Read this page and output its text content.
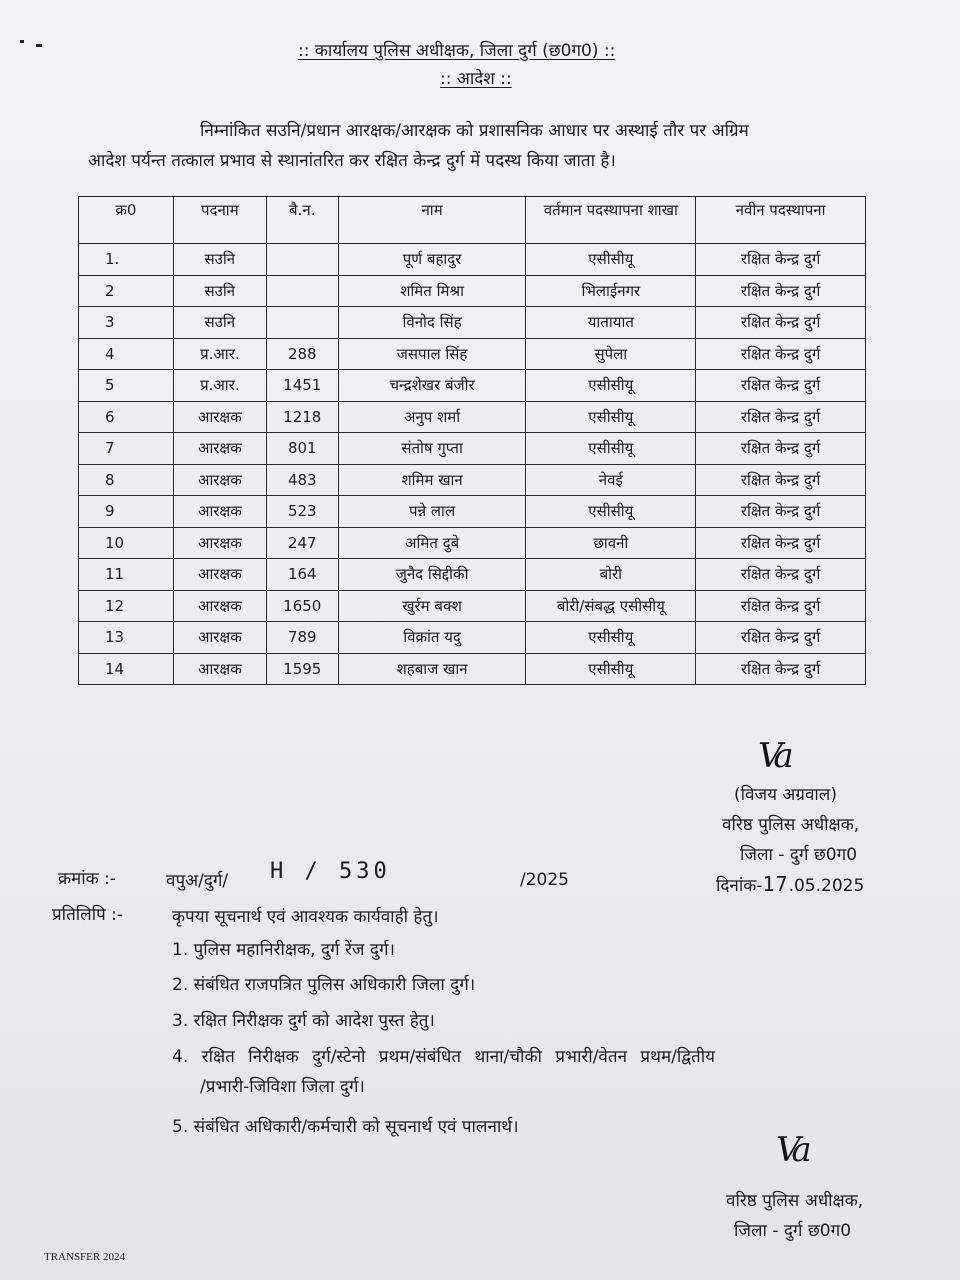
:: कार्यालय पुलिस अधीक्षक, जिला दुर्ग (छ0ग0) ::
:: आदेश ::
निम्नांकित सउनि/प्रधान आरक्षक/आरक्षक को प्रशासनिक आधार पर अस्थाई तौर पर अग्रिम
आदेश पर्यन्त तत्काल प्रभाव से स्थानांतरित कर रक्षित केन्द्र दुर्ग में पदस्थ किया जाता है।
क्र0	पदनाम	बै.न.	नाम	वर्तमान पदस्थापना शाखा	नवीन पदस्थापना
1.	सउनि		पूर्ण बहादुर	एसीसीयू	रक्षित केन्द्र दुर्ग
2	सउनि		शमित मिश्रा	भिलाईनगर	रक्षित केन्द्र दुर्ग
3	सउनि		विनोद सिंह	यातायात	रक्षित केन्द्र दुर्ग
4	प्र.आर.	288	जसपाल सिंह	सुपेला	रक्षित केन्द्र दुर्ग
5	प्र.आर.	1451	चन्द्रशेखर बंजीर	एसीसीयू	रक्षित केन्द्र दुर्ग
6	आरक्षक	1218	अनुप शर्मा	एसीसीयू	रक्षित केन्द्र दुर्ग
7	आरक्षक	801	संतोष गुप्ता	एसीसीयू	रक्षित केन्द्र दुर्ग
8	आरक्षक	483	शमिम खान	नेवई	रक्षित केन्द्र दुर्ग
9	आरक्षक	523	पन्ने लाल	एसीसीयू	रक्षित केन्द्र दुर्ग
10	आरक्षक	247	अमित दुबे	छावनी	रक्षित केन्द्र दुर्ग
11	आरक्षक	164	जुनैद सिद्दीकी	बोरी	रक्षित केन्द्र दुर्ग
12	आरक्षक	1650	खुर्रम बक्श	बोरी/संबद्ध एसीसीयू	रक्षित केन्द्र दुर्ग
13	आरक्षक	789	विक्रांत यदु	एसीसीयू	रक्षित केन्द्र दुर्ग
14	आरक्षक	1595	शहबाज खान	एसीसीयू	रक्षित केन्द्र दुर्ग
Va
(विजय अग्रवाल)
वरिष्ठ पुलिस अधीक्षक,
जिला - दुर्ग छ0ग0
दिनांक-17.05.2025
क्रमांक :-	वपुअ/दुर्ग/ H / 530	/2025
प्रतिलिपि :-	कृपया सूचनार्थ एवं आवश्यक कार्यवाही हेतु।
1. पुलिस महानिरीक्षक, दुर्ग रेंज दुर्ग।
2. संबंधित राजपत्रित पुलिस अधिकारी जिला दुर्ग।
3. रक्षित निरीक्षक दुर्ग को आदेश पुस्त हेतु।
4. रक्षित निरीक्षक दुर्ग/स्टेनो प्रथम/संबंधित थाना/चौकी प्रभारी/वेतन प्रथम/द्वितीय
/प्रभारी-जिविशा जिला दुर्ग।
5. संबंधित अधिकारी/कर्मचारी को सूचनार्थ एवं पालनार्थ।
Va
वरिष्ठ पुलिस अधीक्षक,
जिला - दुर्ग छ0ग0
TRANSFER 2024
